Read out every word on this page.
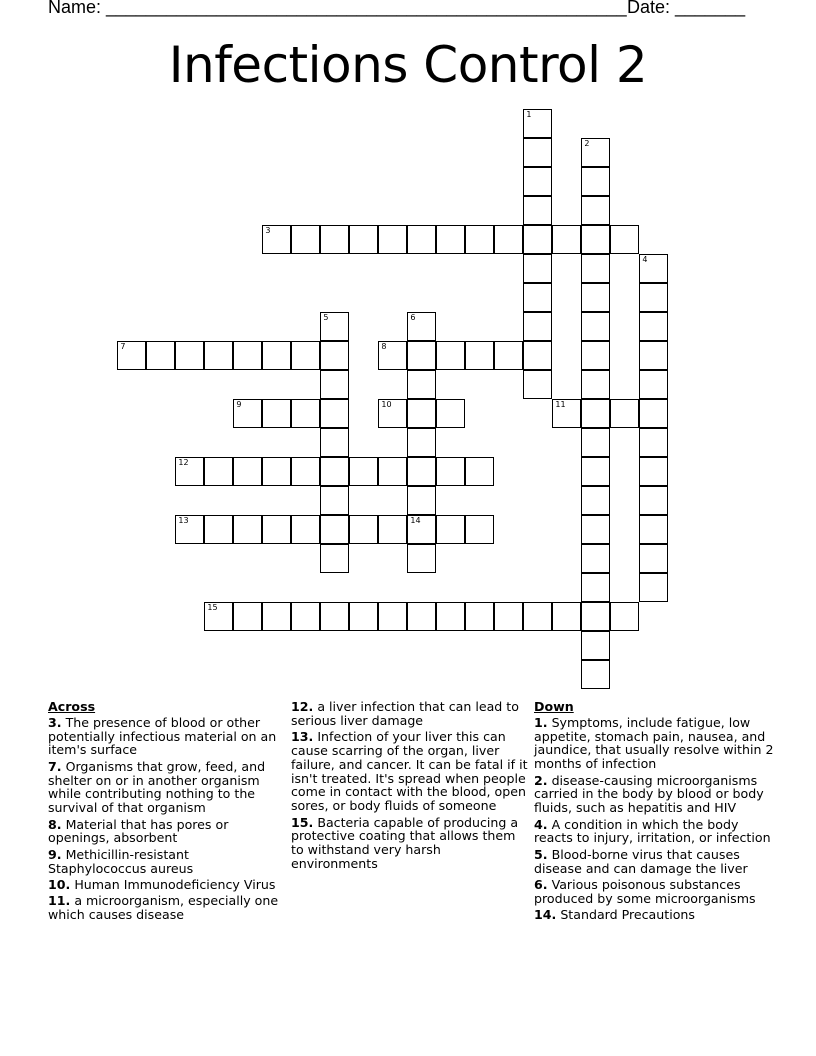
Name: ____________________________________________________ Date: _______
Infections Control 2
1
2
3
4
5	6
14
7	8
9	10	11
12
13
15
Across
3. The presence of blood or other potentially infectious material on an item's surface
7. Organisms that grow, feed, and shelter on or in another organism while contributing nothing to the survival of that organism
8. Material that has pores or openings, absorbent
9. Methicillin-resistant Staphylococcus aureus
10. Human Immunodeficiency Virus
11. a microorganism, especially one which causes disease
12. a liver infection that can lead to serious liver damage
13. Infection of your liver this can cause scarring of the organ, liver failure, and cancer. It can be fatal if it isn't treated. It's spread when people come in contact with the blood, open sores, or body fluids of someone
15. Bacteria capable of producing a protective coating that allows them to withstand very harsh environments
Down
1. Symptoms, include fatigue, low appetite, stomach pain, nausea, and jaundice, that usually resolve within 2 months of infection
2. disease-causing microorganisms carried in the body by blood or body fluids, such as hepatitis and HIV
4. A condition in which the body reacts to injury, irritation, or infection
5. Blood-borne virus that causes disease and can damage the liver
6. Various poisonous substances produced by some microorganisms
14. Standard Precautions
